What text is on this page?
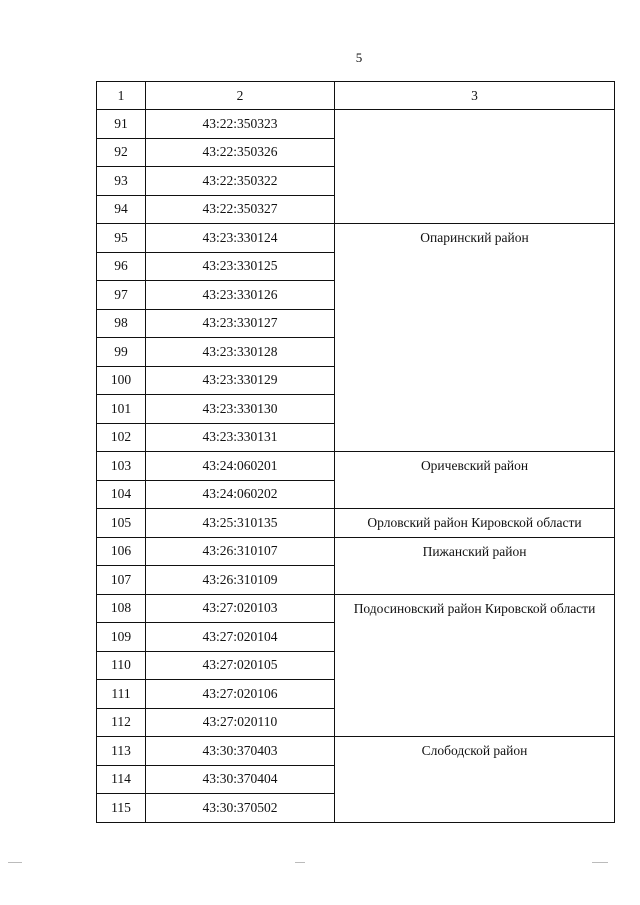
5
1	2	3
91	43:22:350323	
92	43:22:350326	
93	43:22:350322	
94	43:22:350327	
95	43:23:330124	Опаринский район
96	43:23:330125	
97	43:23:330126	
98	43:23:330127	
99	43:23:330128	
100	43:23:330129	
101	43:23:330130	
102	43:23:330131	
103	43:24:060201	Оричевский район
104	43:24:060202	
105	43:25:310135	Орловский район Кировской области
106	43:26:310107	Пижанский район
107	43:26:310109	
108	43:27:020103	Подосиновский район Кировской области
109	43:27:020104	
110	43:27:020105	
111	43:27:020106	
112	43:27:020110	
113	43:30:370403	Слободской район
114	43:30:370404	
115	43:30:370502	
